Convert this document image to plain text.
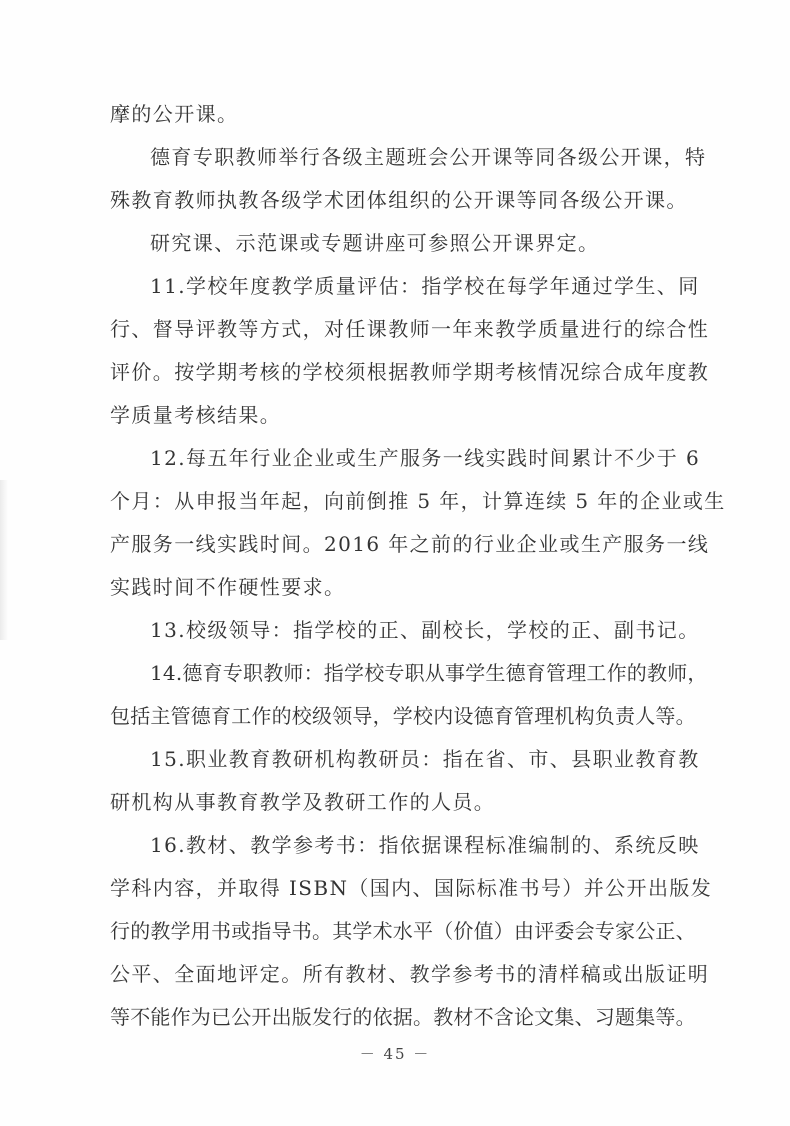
摩的公开课。
德育专职教师举行各级主题班会公开课等同各级公开课，特
殊教育教师执教各级学术团体组织的公开课等同各级公开课。
研究课、示范课或专题讲座可参照公开课界定。
11.学校年度教学质量评估：指学校在每学年通过学生、同
行、督导评教等方式，对任课教师一年来教学质量进行的综合性
评价。按学期考核的学校须根据教师学期考核情况综合成年度教
学质量考核结果。
12.每五年行业企业或生产服务一线实践时间累计不少于 6
个月：从申报当年起，向前倒推 5 年，计算连续 5 年的企业或生
产服务一线实践时间。2016 年之前的行业企业或生产服务一线
实践时间不作硬性要求。
13.校级领导：指学校的正、副校长，学校的正、副书记。
14.德育专职教师：指学校专职从事学生德育管理工作的教师，
包括主管德育工作的校级领导，学校内设德育管理机构负责人等。
15.职业教育教研机构教研员：指在省、市、县职业教育教
研机构从事教育教学及教研工作的人员。
16.教材、教学参考书：指依据课程标准编制的、系统反映
学科内容，并取得 ISBN（国内、国际标准书号）并公开出版发
行的教学用书或指导书。其学术水平（价值）由评委会专家公正、
公平、全面地评定。所有教材、教学参考书的清样稿或出版证明
等不能作为已公开出版发行的依据。教材不含论文集、习题集等。
－ 45 －
